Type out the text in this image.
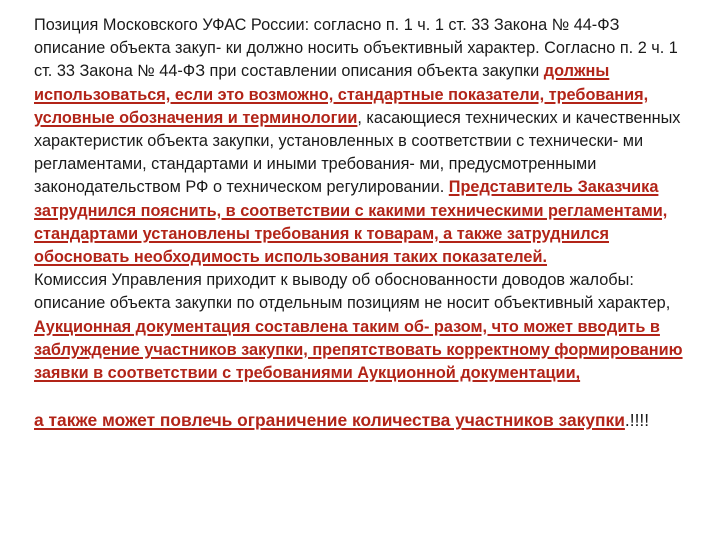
Позиция Московского УФАС России: согласно п. 1 ч. 1 ст. 33 Закона № 44-ФЗ описание объекта закуп- ки должно носить объективный характер. Согласно п. 2 ч. 1 ст. 33 Закона № 44-ФЗ при составлении описания объекта закупки должны использоваться, если это возможно, стандартные показатели, требования, условные обозначения и терминологии, касающиеся технических и качественных характеристик объекта закупки, установленных в соответствии с технически- ми регламентами, стандартами и иными требования- ми, предусмотренными законодательством РФ о техническом регулировании. Представитель Заказчика затруднился пояснить, в соответствии с какими техническими регламентами, стандартами установлены требования к товарам, а также затруднился обосновать необходимость использования таких показателей.

Комиссия Управления приходит к выводу об обоснованности доводов жалобы: описание объекта закупки по отдельным позициям не носит объективный характер, Аукционная документация составлена таким об- разом, что может вводить в заблуждение участников закупки, препятствовать корректному формированию заявки в соответствии с требованиями Аукционной документации,

а также может повлечь ограничение количества участников закупки.!!!!
